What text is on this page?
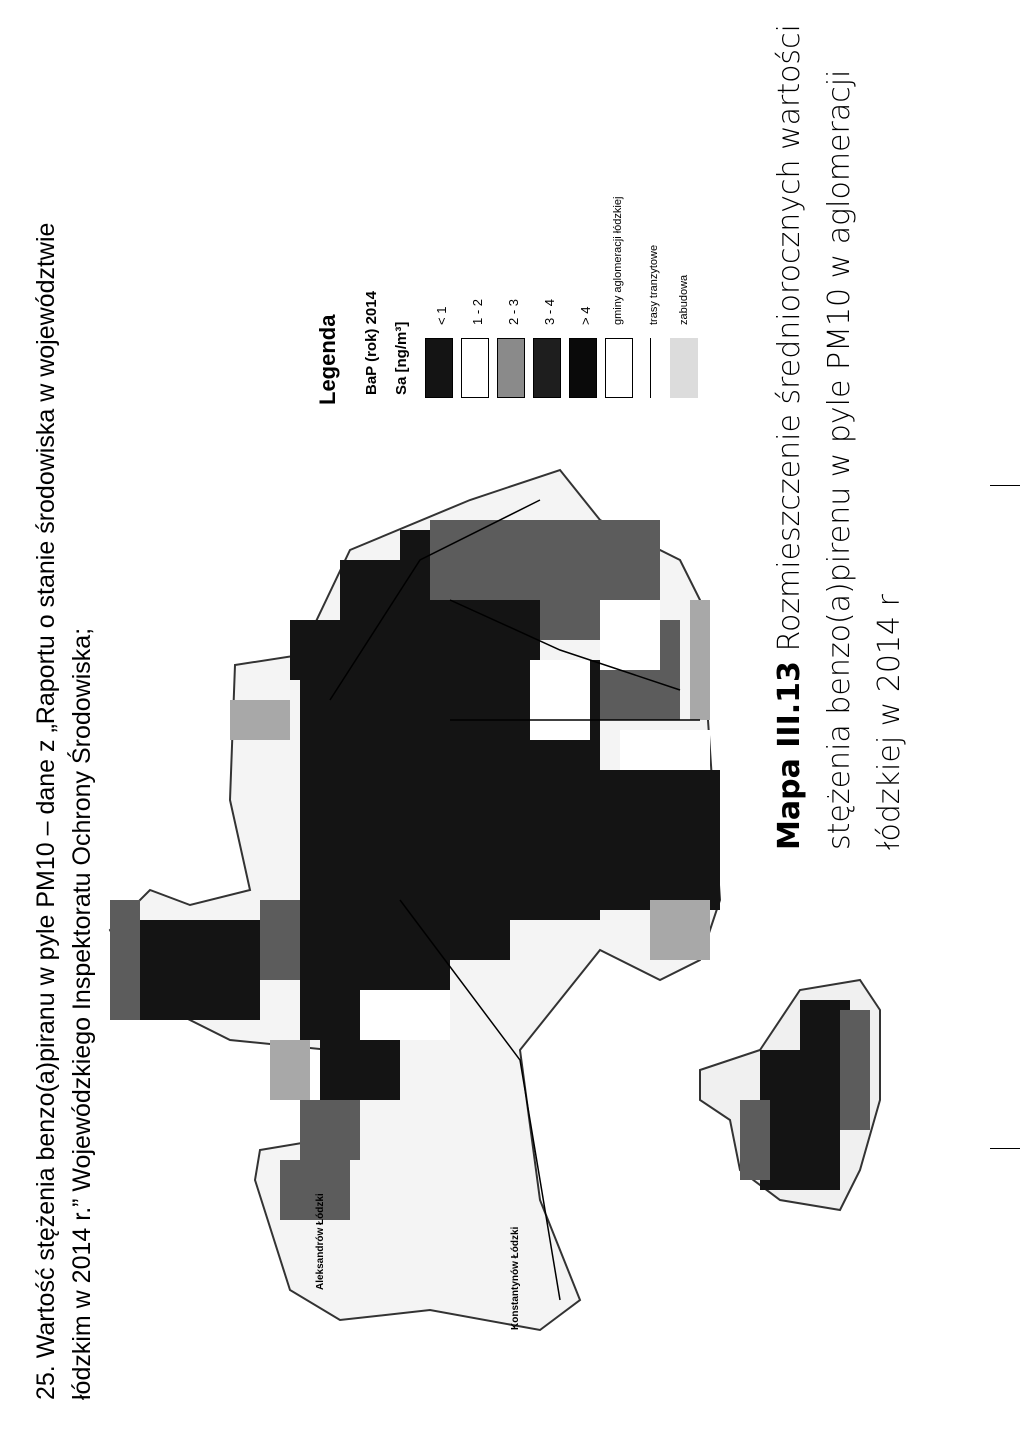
25. Wartość stężenia benzo(a)piranu w pyle PM10 – dane z „Raportu o stanie środowiska w województwie łódzkim w 2014 r.” Wojewódzkiego Inspektoratu Ochrony Środowiska;	Aleksandrów Łódzki	Konstantynów Łódzki
Legenda BaP (rok) 2014 Sa [ng/m³]
< 1 1 - 2 2 - 3 3 - 4 > 4 gminy aglomeracji łódzkiej trasy tranzytowe zabudowa
Mapa III.13 Rozmieszczenie średniorocznych wartości stężenia benzo(a)pirenu w pyle PM10 w aglomeracji łódzkiej w 2014 r
